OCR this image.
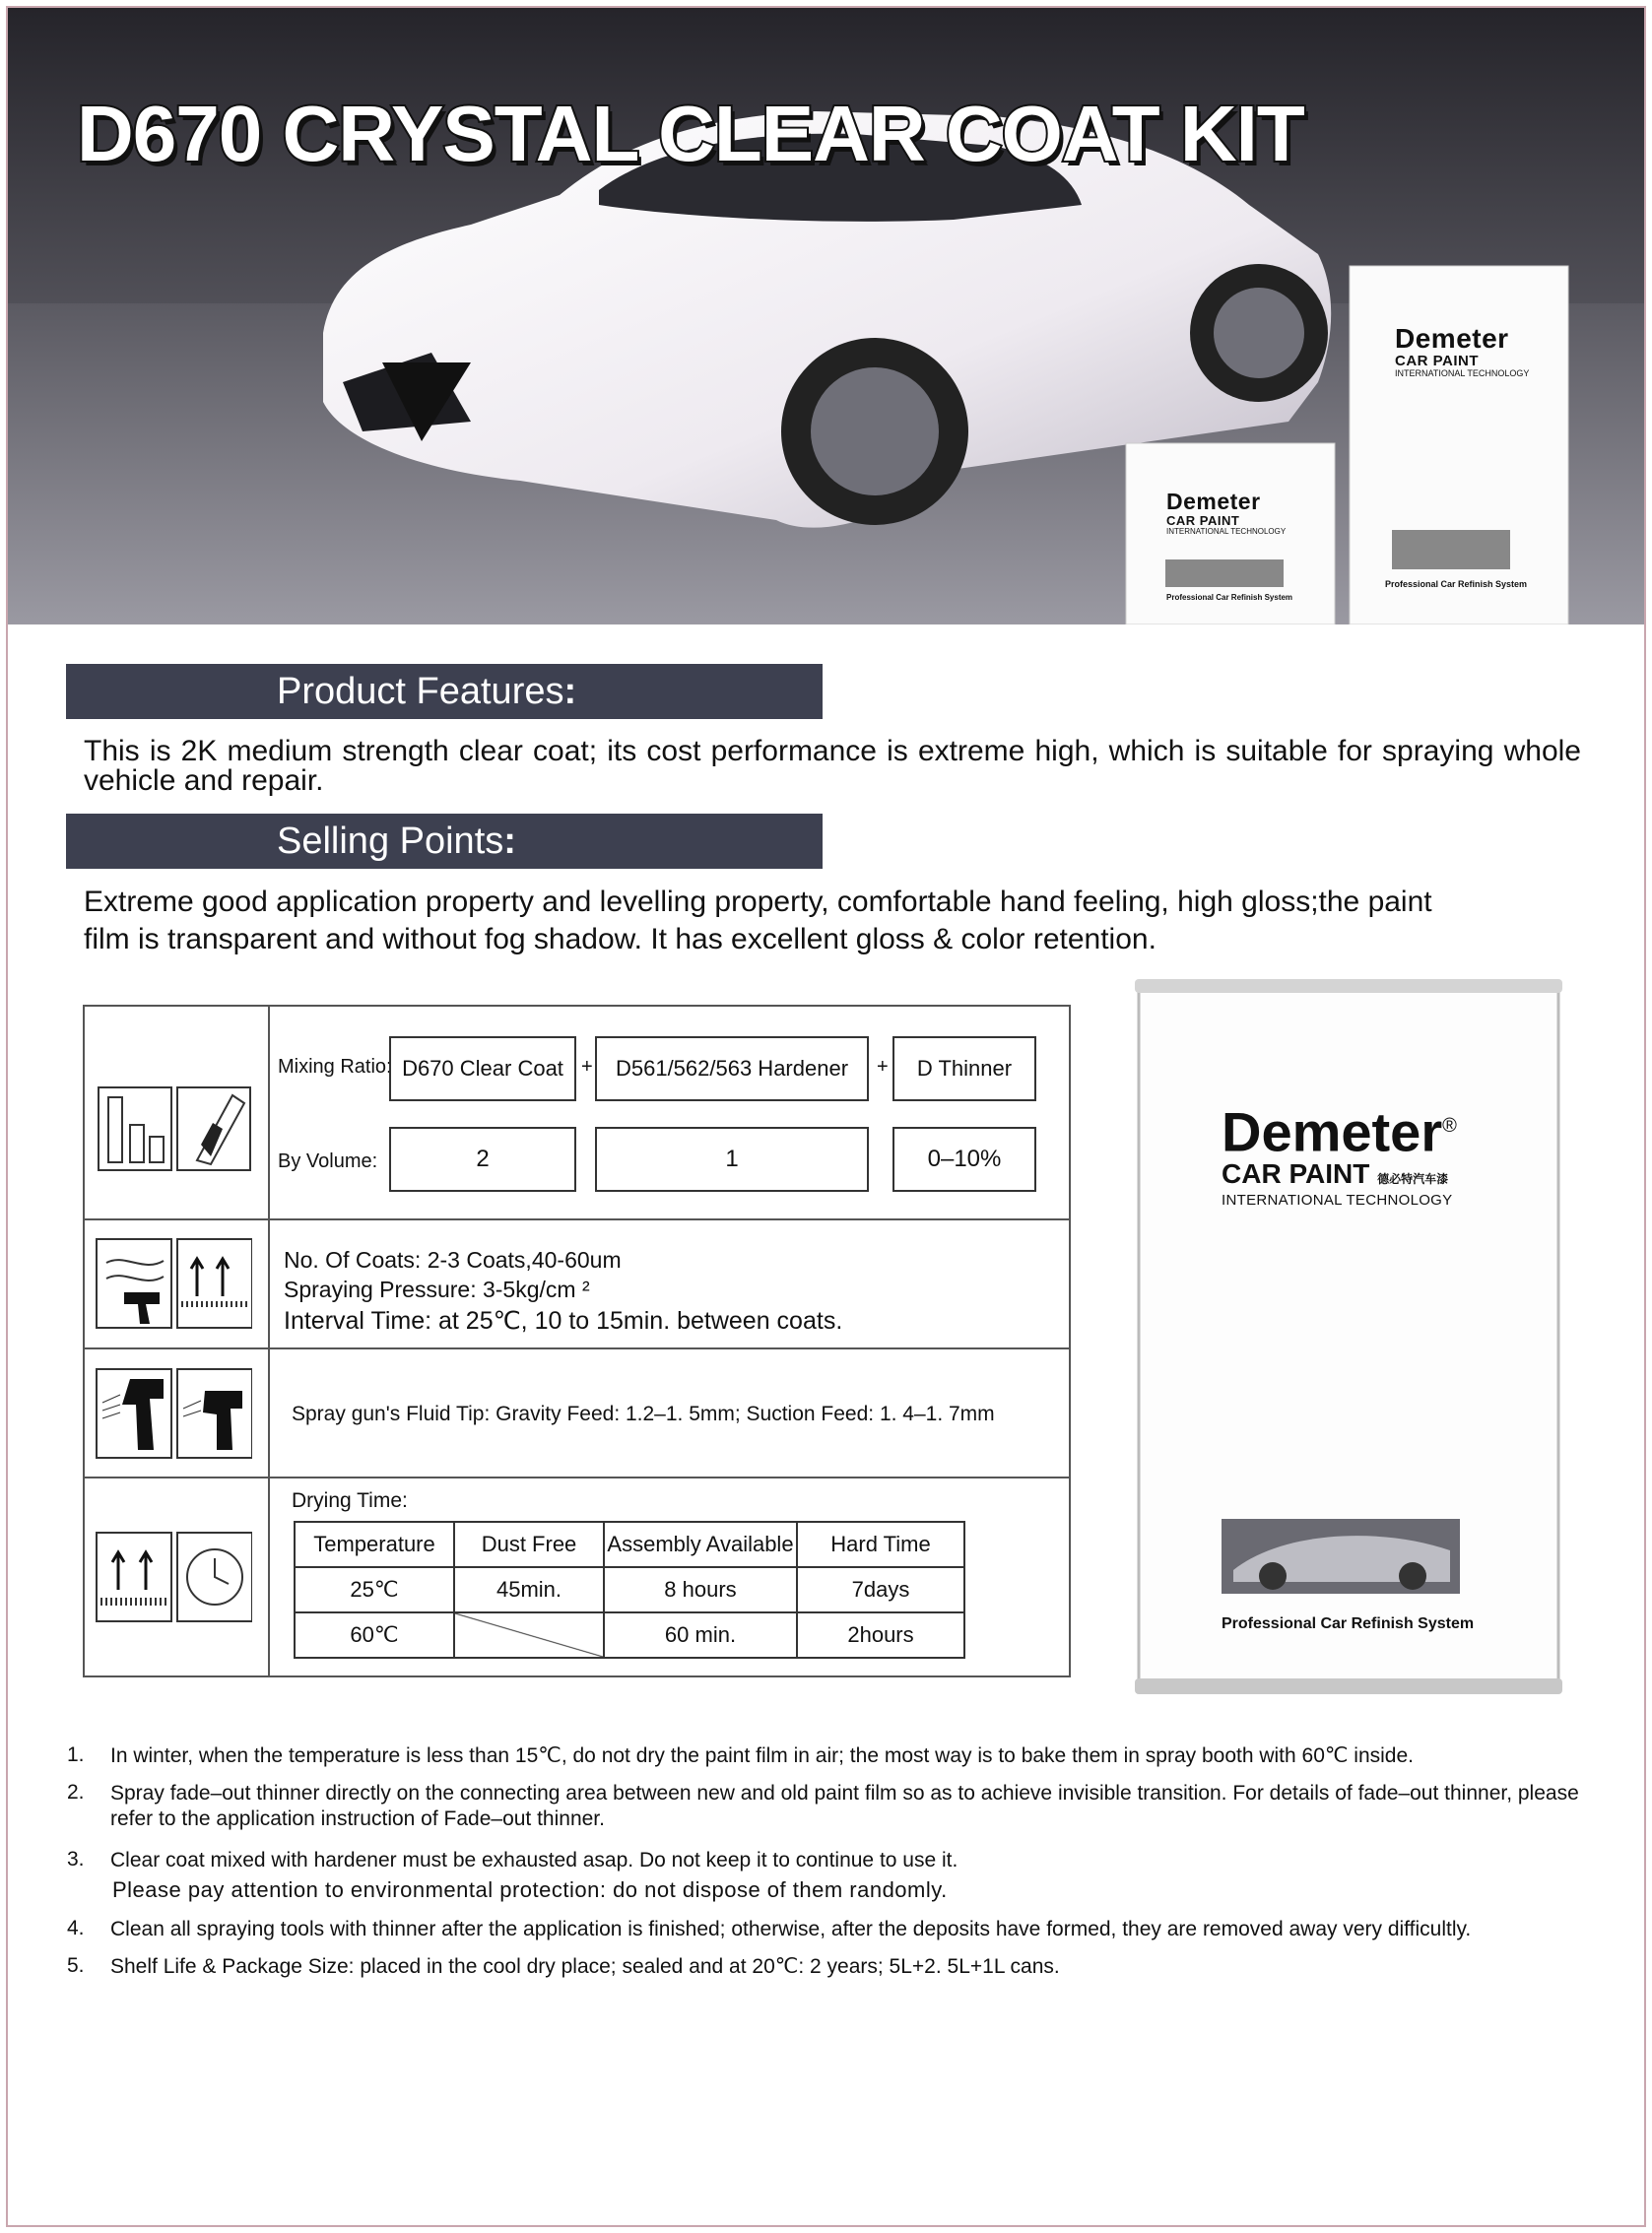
D670 CRYSTAL CLEAR COAT KIT
Demeter
CAR PAINT
INTERNATIONAL TECHNOLOGY
Professional Car Refinish System
Demeter
CAR PAINT
INTERNATIONAL TECHNOLOGY
Professional Car Refinish System
Product Features:
This is 2K medium strength clear coat; its cost performance is extreme high, which is suitable for spraying whole vehicle and repair.
Selling Points:
Extreme good application property and levelling property, comfortable hand feeling, high gloss;the paint
film is transparent and without fog shadow. It has excellent gloss & color retention.
Mixing Ratio: D670 Clear Coat +	D561/562/563 Hardener	+	D Thinner
By Volume:	2	1	0–10%
No. Of Coats: 2-3 Coats,40-60um
Spraying Pressure: 3-5kg/cm ²
Interval Time: at 25℃, 10 to 15min. between coats.
Spray gun's Fluid Tip: Gravity Feed: 1.2–1. 5mm; Suction Feed: 1. 4–1. 7mm
Drying Time:
Temperature	Dust Free	Assembly Available	Hard Time
25℃	45min.	8 hours	7days
60℃		60 min.	2hours
Demeter®
CAR PAINT 德必特汽车漆
INTERNATIONAL TECHNOLOGY
Professional Car Refinish System
1.	In winter, when the temperature is less than 15℃, do not dry the paint film in air; the most way is to bake them in spray booth with 60℃ inside.
2.	Spray fade–out thinner directly on the connecting area between new and old paint film so as to achieve invisible transition. For details of fade–out thinner, please refer to the application instruction of Fade–out thinner.
3.	Clear coat mixed with hardener must be exhausted asap. Do not keep it to continue to use it.
Please pay attention to environmental protection: do not dispose of them randomly.
4.	Clean all spraying tools with thinner after the application is finished; otherwise, after the deposits have formed, they are removed away very difficultly.
5.	Shelf Life & Package Size: placed in the cool dry place; sealed and at 20℃: 2 years; 5L+2. 5L+1L cans.
